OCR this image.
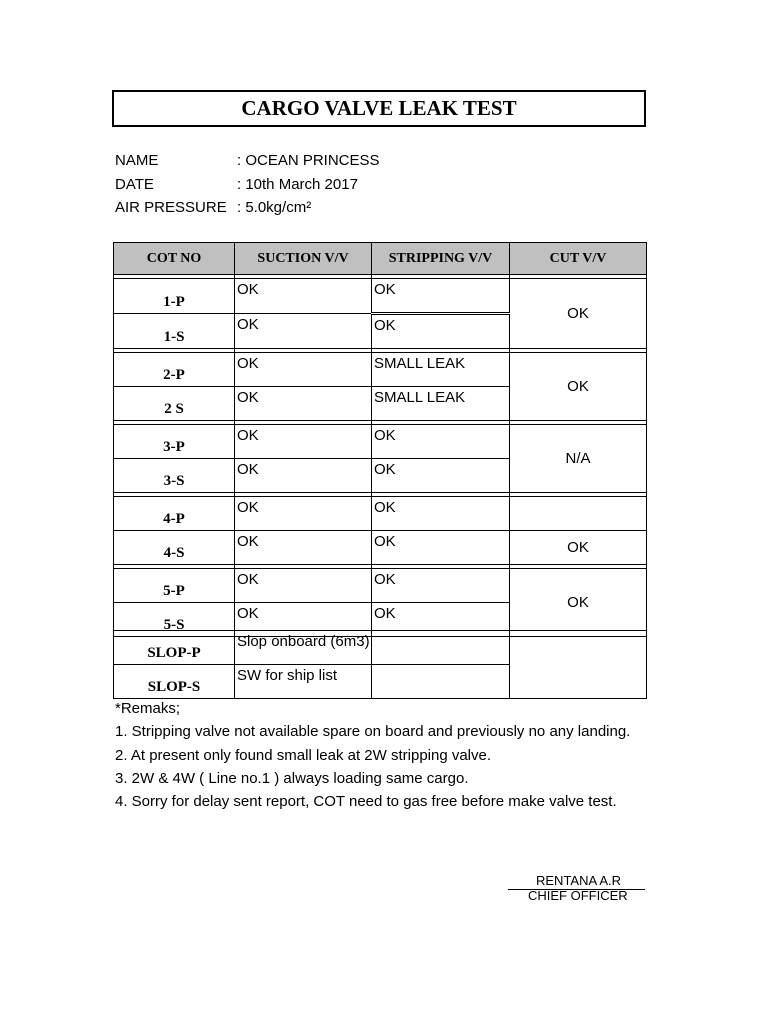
CARGO VALVE LEAK TEST
NAME	: OCEAN PRINCESS
DATE	: 10th March 2017
AIR PRESSURE : 5.0kg/cm²
COT NO	SUCTION V/V	STRIPPING V/V	CUT V/V

1-P	OK	OK	OK
1-S	OK	OK	

2-P	OK	SMALL LEAK	OK
2 S	OK	SMALL LEAK	

3-P	OK	OK	N/A
3-S	OK	OK	

4-P	OK	OK	
4-S	OK	OK	OK

5-P	OK	OK	OK
5-S	OK	OK	
SLOP-P	Slop onboard (6m3)		
SLOP-S	SW for ship list		
*Remaks;
1. Stripping valve not available spare on board and previously no any landing.
2. At present only found small leak at 2W stripping valve.
3. 2W & 4W ( Line no.1 ) always loading same cargo.
4. Sorry for delay sent report, COT need to gas free before make valve test.
RENTANA A.R
CHIEF OFFICER
